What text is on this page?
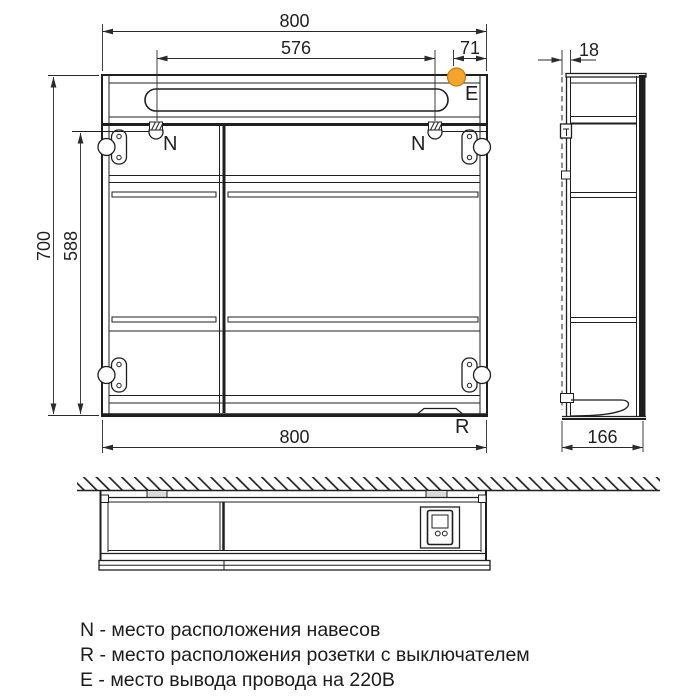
N	N
E
R
800
576	71
700 588
800	166
18
N - место расположения навесов
R - место расположения розетки с выключателем
E - место вывода провода на 220В
